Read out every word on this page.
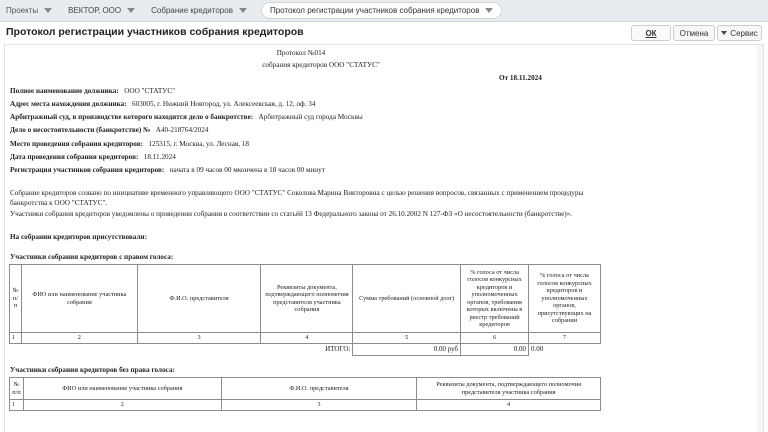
Проекты	ВЕКТОР, ООО	Собрание кредиторов	Протокол регистрации участников собрания кредиторов
Протокол регистрации участников собрания кредиторов	ОК	Отмена	Сервис
Протокол №014
собрания кредиторов ООО "СТАТУС"
От 18.11.2024
Полное наименование должника: ООО "СТАТУС"
Адрес места нахождения должника: 603005, г. Нижний Новгород, ул. Алексеевская, д. 12, оф. 34
Арбитражный суд, в производстве которого находится дело о банкротстве: Арбитражный суд города Москвы
Дело о несостоятельности (банкротстве) № А40-218764/2024
Место проведения собрания кредиторов: 125315, г. Москва, ул. Лесная, 18
Дата проведения собрания кредиторов: 18.11.2024
Регистрация участников собрания кредиторов: начата в 09 часов 00 мкончена в 18 часов 00 минут
Собрание кредиторов созвано по инициативе временного управляющего ООО "СТАТУС" Соколова Марина Викторовна с целью решения вопросов, связанных с применением процедуры
банкротства к ООО "СТАТУС".
Участники собрания кредиторов уведомлены о проведении собрания в соответствии со статьёй 13 Федерального закона от 26.10.2002 N 127-ФЗ «О несостоятельности (банкротстве)».
На собрании кредиторов присутствовали:
Участники собрания кредиторов с правом голоса:
№ п/п	ФИО или наименование участника собрания	Ф.И.О. представителя	Реквизиты документа, подтверждающего полномочия представителя участника собрания	Сумма требований (основной долг)	% голоса от числа голосов конкурсных кредиторов и уполномоченных органов, требования которых включены в реестр требований кредиторов	% голоса от числа голосов конкурсных кредиторов и уполномоченных органов, присутствующих на собрании
1	2	3	4	5	6	7
ИТОГО:				0.00 руб	0.00	0.00
Участники собрания кредиторов без права голоса:
№ п/п	ФИО или наименование участника собрания	Ф.И.О. представителя	Реквизиты документа, подтверждающего полномочия представителя участника собрания
1	2	3	4
